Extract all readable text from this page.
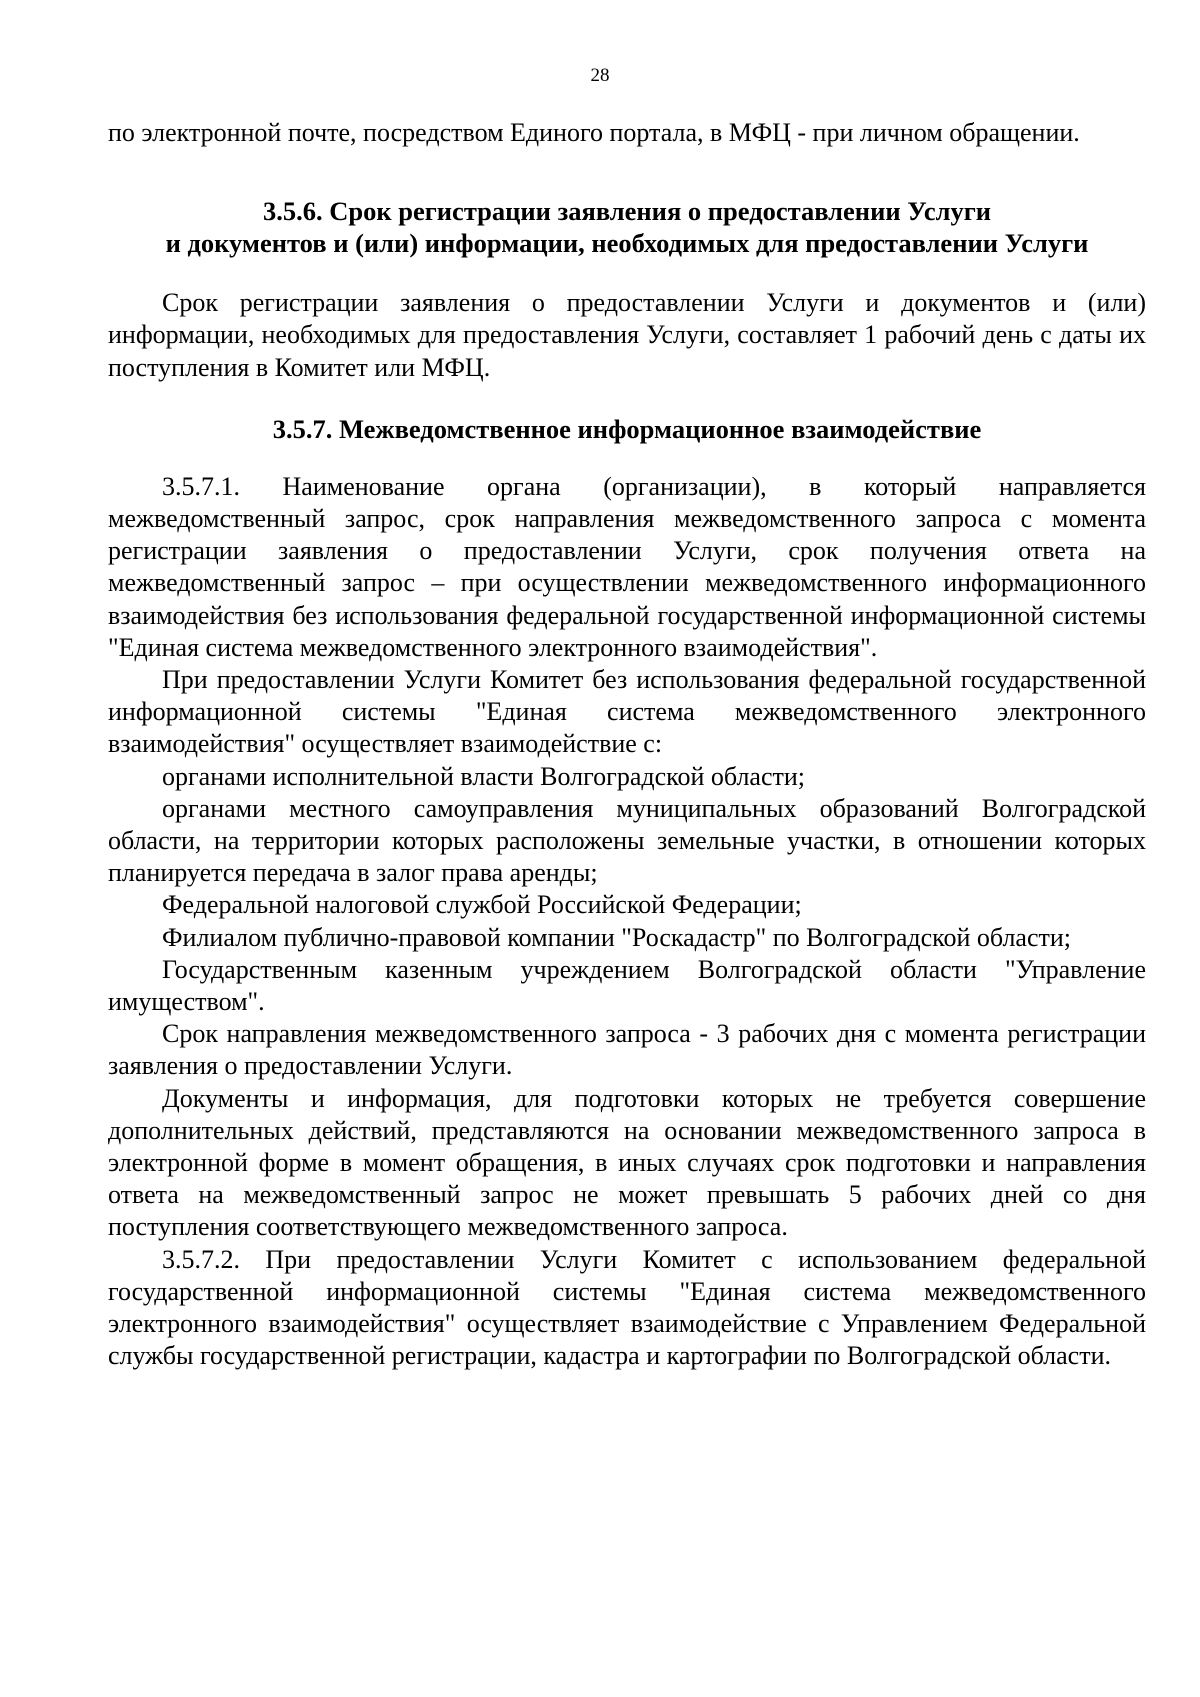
28

по электронной почте, посредством Единого портала, в МФЦ - при личном обращении.

3.5.6. Срок регистрации заявления о предоставлении Услуги
и документов и (или) информации, необходимых для предоставлении Услуги

Срок регистрации заявления о предоставлении Услуги и документов и (или) информации, необходимых для предоставления Услуги, составляет 1 рабочий день с даты их поступления в Комитет или МФЦ.

3.5.7. Межведомственное информационное взаимодействие

3.5.7.1. Наименование органа (организации), в который направляется межведомственный запрос, срок направления межведомственного запроса с момента регистрации заявления о предоставлении Услуги, срок получения ответа на межведомственный запрос – при осуществлении межведомственного информационного взаимодействия без использования федеральной государственной информационной системы "Единая система межведомственного электронного взаимодействия".

При предоставлении Услуги Комитет без использования федеральной государственной информационной системы "Единая система межведомственного электронного взаимодействия" осуществляет взаимодействие с:

органами исполнительной власти Волгоградской области;

органами местного самоуправления муниципальных образований Волгоградской области, на территории которых расположены земельные участки, в отношении которых планируется передача в залог права аренды;

Федеральной налоговой службой Российской Федерации;

Филиалом публично-правовой компании "Роскадастр" по Волгоградской области;

Государственным казенным учреждением Волгоградской области "Управление имуществом".

Срок направления межведомственного запроса - 3 рабочих дня с момента регистрации заявления о предоставлении Услуги.

Документы и информация, для подготовки которых не требуется совершение дополнительных действий, представляются на основании межведомственного запроса в электронной форме в момент обращения, в иных случаях срок подготовки и направления ответа на межведомственный запрос не может превышать 5 рабочих дней со дня поступления соответствующего межведомственного запроса.

3.5.7.2. При предоставлении Услуги Комитет с использованием федеральной государственной информационной системы "Единая система межведомственного электронного взаимодействия" осуществляет взаимодействие с Управлением Федеральной службы государственной регистрации, кадастра и картографии по Волгоградской области.
